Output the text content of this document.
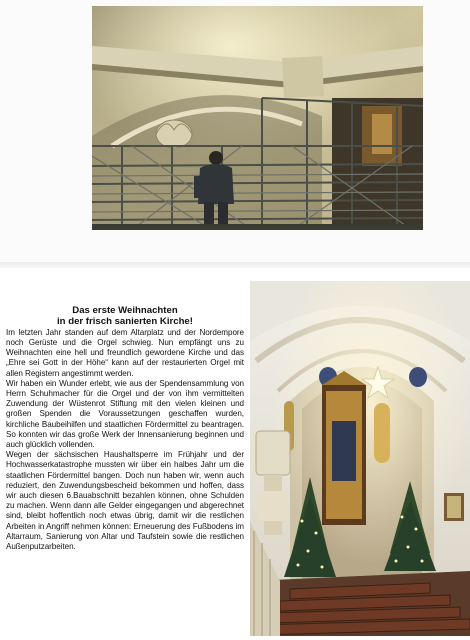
Das erste Weihnachten
in der frisch sanierten Kirche!

Im letzten Jahr standen auf dem Altarplatz und der Nordempore noch Gerüste und die Orgel schwieg. Nun empfängt uns zu Weihnachten eine hell und freundlich gewordene Kirche und das „Ehre sei Gott in der Höhe“ kann auf der restaurierten Orgel mit allen Registern angestimmt werden.
Wir haben ein Wunder erlebt, wie aus der Spendensammlung von Herrn Schuhmacher für die Orgel und der von ihm vermittelten Zuwendung der Wüstenrot Stiftung mit den vielen kleinen und großen Spenden die Voraussetzungen geschaffen wurden, kirchliche Baubeihilfen und staatlichen Fördermittel zu beantragen. So konnten wir das große Werk der Innensanierung beginnen und auch glücklich vollenden.
Wegen der sächsischen Haushaltsperre im Frühjahr und der Hochwasserkatastrophe mussten wir über ein halbes Jahr um die staatlichen Fördermittel bangen. Doch nun haben wir, wenn auch reduziert, den Zuwendungsbescheid bekommen und hoffen, dass wir auch diesen 6.Bauabschnitt bezahlen können, ohne Schulden zu machen. Wenn dann alle Gelder eingegangen und abgerechnet sind, bleibt hoffentlich noch etwas übrig, damit wir die restlichen Arbeiten in Angriff nehmen können: Erneuerung des Fußbodens im Altarraum, Sanierung von Altar und Taufstein sowie die restlichen Außenputzarbeiten.
